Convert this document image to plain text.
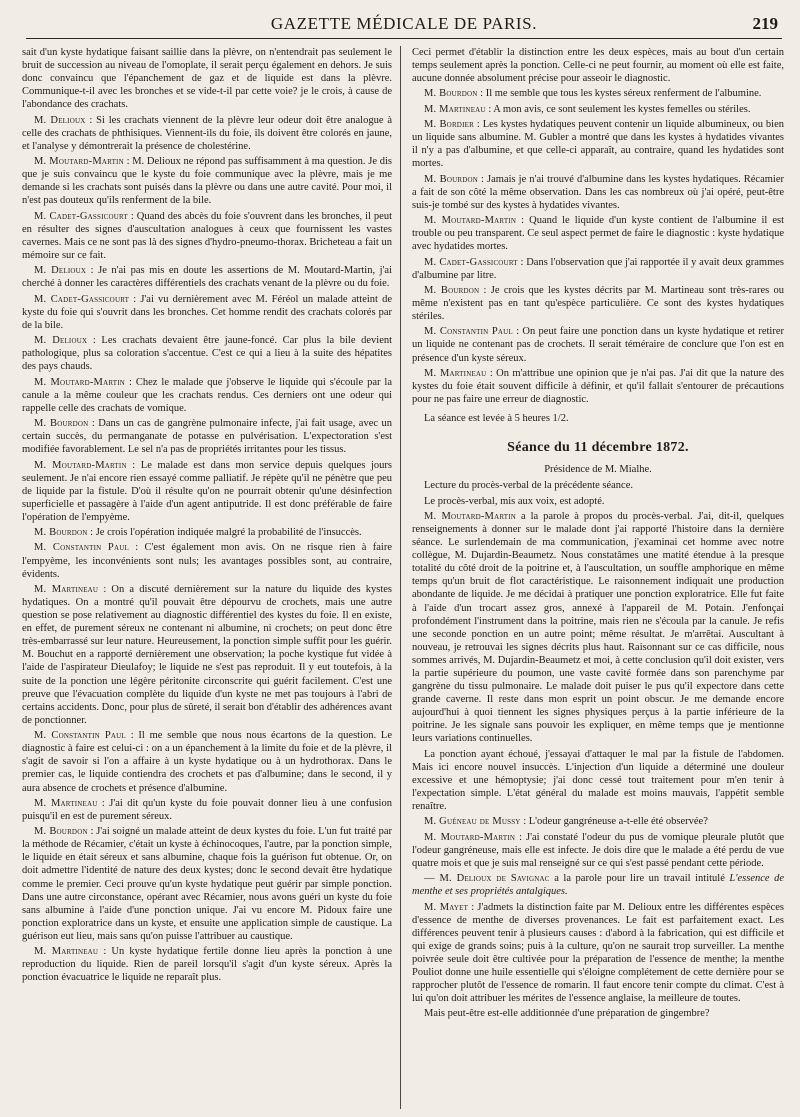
GAZETTE MÉDICALE DE PARIS.	219

sait d'un kyste hydatique faisant saillie dans la plèvre, on n'entendrait pas seulement le bruit de succession au niveau de l'omoplate, il serait perçu également en dehors. Je suis donc convaincu que l'épanchement de gaz et de liquide est dans la plèvre. Communique-t-il avec les bronches et se vide-t-il par cette voie? je le crois, à cause de l'abondance des crachats.

M. Delioux : Si les crachats viennent de la plèvre leur odeur doit être analogue à celle des crachats de phthisiques. Viennent-ils du foie, ils doivent être colorés en jaune, et l'analyse y démontrerait la présence de cholestérine.

M. Moutard-Martin : M. Delioux ne répond pas suffisamment à ma question. Je dis que je suis convaincu que le kyste du foie communique avec la plèvre, mais je me demande si les crachats sont puisés dans la plèvre ou dans une autre cavité. Pour moi, il n'est pas douteux qu'ils renferment de la bile.

M. Cadet-Gassicourt : Quand des abcès du foie s'ouvrent dans les bronches, il peut en résulter des signes d'auscultation analogues à ceux que fournissent les vastes cavernes. Mais ce ne sont pas là des signes d'hydro-pneumo-thorax. Bricheteau a fait un mémoire sur ce fait.

M. Delioux : Je n'ai pas mis en doute les assertions de M. Moutard-Martin, j'ai cherché à donner les caractères différentiels des crachats venant de la plèvre ou du foie.

M. Cadet-Gassicourt : J'ai vu dernièrement avec M. Féréol un malade atteint de kyste du foie qui s'ouvrit dans les bronches. Cet homme rendit des crachats colorés par de la bile.

M. Delioux : Les crachats devaient être jaune-foncé. Car plus la bile devient pathologique, plus sa coloration s'accentue. C'est ce qui a lieu à la suite des hépatites des pays chauds.

M. Moutard-Martin : Chez le malade que j'observe le liquide qui s'écoule par la canule a la même couleur que les crachats rendus. Ces derniers ont une odeur qui rappelle celle des crachats de vomique.

M. Bourdon : Dans un cas de gangrène pulmonaire infecte, j'ai fait usage, avec un certain succès, du permanganate de potasse en pulvérisation. L'expectoration s'est modifiée favorablement. Le sel n'a pas de propriétés irritantes pour les tissus.

M. Moutard-Martin : Le malade est dans mon service depuis quelques jours seulement. Je n'ai encore rien essayé comme palliatif. Je répète qu'il ne pénètre que peu de liquide par la fistule. D'où il résulte qu'on ne pourrait obtenir qu'une désinfection superficielle et passagère à l'aide d'un agent antiputride. Il est donc préférable de faire l'opération de l'empyème.

M. Bourdon : Je crois l'opération indiquée malgré la probabilité de l'insuccès.

M. Constantin Paul : C'est également mon avis. On ne risque rien à faire l'empyème, les inconvénients sont nuls; les avantages possibles sont, au contraire, évidents.

M. Martineau : On a discuté dernièrement sur la nature du liquide des kystes hydatiques. On a montré qu'il pouvait être dépourvu de crochets, mais une autre question se pose relativement au diagnostic différentiel des kystes du foie. Il en existe, en effet, de purement séreux ne contenant ni albumine, ni crochets; on peut donc être très-embarrassé sur leur nature. Heureusement, la ponction simple suffit pour les guérir. M. Bouchut en a rapporté dernièrement une observation; la poche kystique fut vidée à l'aide de l'aspirateur Dieulafoy; le liquide ne s'est pas reproduit. Il y eut toutefois, à la suite de la ponction une légère péritonite circonscrite qui guérit facilement. C'est une preuve que l'évacuation complète du liquide d'un kyste ne met pas toujours à l'abri de certains accidents. Donc, pour plus de sûreté, il serait bon d'établir des adhérences avant de ponctionner.

M. Constantin Paul : Il me semble que nous nous écartons de la question. Le diagnostic à faire est celui-ci : on a un épanchement à la limite du foie et de la plèvre, il s'agit de savoir si l'on a affaire à un kyste hydatique ou à un hydrothorax. Dans le premier cas, le liquide contiendra des crochets et pas d'albumine; dans le second, il y aura absence de crochets et présence d'albumine.

M. Martineau : J'ai dit qu'un kyste du foie pouvait donner lieu à une confusion puisqu'il en est de purement séreux.

M. Bourdon : J'ai soigné un malade atteint de deux kystes du foie. L'un fut traité par la méthode de Récamier, c'était un kyste à échinocoques, l'autre, par la ponction simple, le liquide en était séreux et sans albumine, chaque fois la guérison fut obtenue. Or, on doit admettre l'identité de nature des deux kystes; donc le second devait être hydatique comme le premier. Ceci prouve qu'un kyste hydatique peut guérir par simple ponction. Dans une autre circonstance, opérant avec Récamier, nous avons guéri un kyste du foie sans albumine à l'aide d'une ponction unique. J'ai vu encore M. Pidoux faire une ponction exploratrice dans un kyste, et ensuite une application simple de caustique. La guérison eut lieu, mais sans qu'on puisse l'attribuer au caustique.

M. Martineau : Un kyste hydatique fertile donne lieu après la ponction à une reproduction du liquide. Rien de pareil lorsqu'il s'agit d'un kyste séreux. Après la ponction évacuatrice le liquide ne reparaît plus.

Ceci permet d'établir la distinction entre les deux espèces, mais au bout d'un certain temps seulement après la ponction. Celle-ci ne peut fournir, au moment où elle est faite, aucune donnée absolument précise pour asseoir le diagnostic.

M. Bourdon : Il me semble que tous les kystes séreux renferment de l'albumine.

M. Martineau : A mon avis, ce sont seulement les kystes femelles ou stériles.

M. Bordier : Les kystes hydatiques peuvent contenir un liquide albumineux, ou bien un liquide sans albumine. M. Gubler a montré que dans les kystes à hydatides vivantes il n'y a pas d'albumine, et que celle-ci apparaît, au contraire, quand les hydatides sont mortes.

M. Bourdon : Jamais je n'ai trouvé d'albumine dans les kystes hydatiques. Récamier a fait de son côté la même observation. Dans les cas nombreux où j'ai opéré, peut-être suis-je tombé sur des kystes à hydatides vivantes.

M. Moutard-Martin : Quand le liquide d'un kyste contient de l'albumine il est trouble ou peu transparent. Ce seul aspect permet de faire le diagnostic : kyste hydatique avec hydatides mortes.

M. Cadet-Gassicourt : Dans l'observation que j'ai rapportée il y avait deux grammes d'albumine par litre.

M. Bourdon : Je crois que les kystes décrits par M. Martineau sont très-rares ou même n'existent pas en tant qu'espèce particulière. Ce sont des kystes hydatiques stériles.

M. Constantin Paul : On peut faire une ponction dans un kyste hydatique et retirer un liquide ne contenant pas de crochets. Il serait téméraire de conclure que l'on est en présence d'un kyste séreux.

M. Martineau : On m'attribue une opinion que je n'ai pas. J'ai dit que la nature des kystes du foie était souvent difficile à définir, et qu'il fallait s'entourer de précautions pour ne pas faire une erreur de diagnostic.

La séance est levée à 5 heures 1/2.

Séance du 11 décembre 1872.

Présidence de M. Mialhe.

Lecture du procès-verbal de la précédente séance.

Le procès-verbal, mis aux voix, est adopté.

M. Moutard-Martin a la parole à propos du procès-verbal. J'ai, dit-il, quelques renseignements à donner sur le malade dont j'ai rapporté l'histoire dans la dernière séance. Le surlendemain de ma communication, j'examinai cet homme avec notre collègue, M. Dujardin-Beaumetz. Nous constatâmes une matité étendue à la presque totalité du côté droit de la poitrine et, à l'auscultation, un souffle amphorique en même temps qu'un bruit de flot caractéristique. Le raisonnement indiquait une production abondante de liquide. Je me décidai à pratiquer une ponction exploratrice. Elle fut faite à l'aide d'un trocart assez gros, annexé à l'appareil de M. Potain. J'enfonçai profondément l'instrument dans la poitrine, mais rien ne s'écoula par la canule. Je refis une seconde ponction en un autre point; même résultat. Je m'arrêtai. Auscultant à nouveau, je retrouvai les signes décrits plus haut. Raisonnant sur ce cas difficile, nous sommes arrivés, M. Dujardin-Beaumetz et moi, à cette conclusion qu'il doit exister, vers la partie supérieure du poumon, une vaste cavité formée dans son parenchyme par gangrène du tissu pulmonaire. Le malade doit puiser le pus qu'il expectore dans cette grande caverne. Il reste dans mon esprit un point obscur. Je me demande encore aujourd'hui à quoi tiennent les signes physiques perçus à la partie inférieure de la poitrine. Je les signale sans pouvoir les expliquer, en même temps que je mentionne leurs variations continuelles.

La ponction ayant échoué, j'essayai d'attaquer le mal par la fistule de l'abdomen. Mais ici encore nouvel insuccès. L'injection d'un liquide a déterminé une douleur excessive et une hémoptysie; j'ai donc cessé tout traitement pour m'en tenir à l'expectation simple. L'état général du malade est moins mauvais, l'appétit semble renaître.

M. Guéneau de Mussy : L'odeur gangréneuse a-t-elle été observée?

M. Moutard-Martin : J'ai constaté l'odeur du pus de vomique pleurale plutôt que l'odeur gangréneuse, mais elle est infecte. Je dois dire que le malade a été perdu de vue quatre mois et que je suis mal renseigné sur ce qui s'est passé pendant cette période.

— M. Delioux de Savignac a la parole pour lire un travail intitulé L'essence de menthe et ses propriétés antalgiques.

M. Mayet : J'admets la distinction faite par M. Delioux entre les différentes espèces d'essence de menthe de diverses provenances. Le fait est parfaitement exact. Les différences peuvent tenir à plusieurs causes : d'abord à la fabrication, qui est difficile et qui exige de grands soins; puis à la culture, qu'on ne saurait trop surveiller. La menthe poivrée seule doit être cultivée pour la préparation de l'essence de menthe; la menthe Pouliot donne une huile essentielle qui s'éloigne complétement de cette dernière pour se rapprocher plutôt de l'essence de romarin. Il faut encore tenir compte du climat. C'est à lui qu'on doit attribuer les mérites de l'essence anglaise, la meilleure de toutes.

Mais peut-être est-elle additionnée d'une préparation de gingembre?
